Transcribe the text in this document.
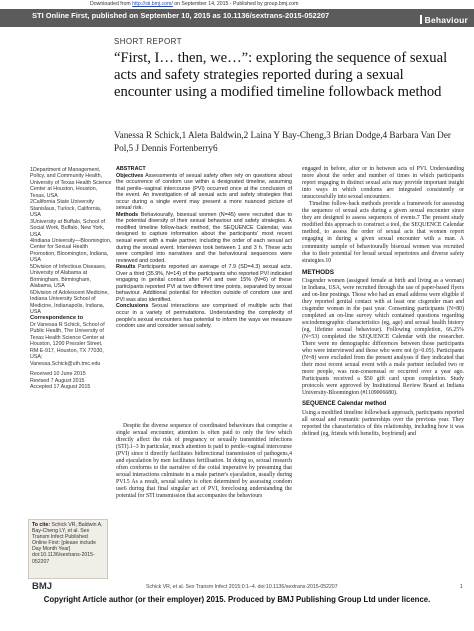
Downloaded from http://sti.bmj.com/ on September 14, 2015 - Published by group.bmj.com
STI Online First, published on September 10, 2015 as 10.1136/sextrans-2015-052207	Behaviour
SHORT REPORT
“First, I… then, we…”: exploring the sequence of sexual acts and safety strategies reported during a sexual encounter using a modified timeline followback method
Vanessa R Schick,1 Aleta Baldwin,2 Laina Y Bay-Cheng,3 Brian Dodge,4 Barbara Van Der Pol,5 J Dennis Fortenberry6

1Department of Management, Policy, and Community Health, University of Texas Health Science Center at Houston, Houston, Texas, USA

2California State University Stanislaus, Turlock, California, USA

3University at Buffalo, School of Social Work, Buffalo, New York, USA

4Indiana University—Bloomington, Center for Sexual Health Promotion, Bloomington, Indiana, USA

5Division of Infectious Diseases, University of Alabama at Birmingham, Birmingham, Alabama, USA

6Division of Adolescent Medicine, Indiana University School of Medicine, Indianapolis, Indiana, USA

Correspondence to

Dr Vanessa R Schick, School of Public Health, The University of Texas Health Science Center at Houston, 1200 Pressler Street, RM E-917, Houston, TX 77030, USA; Vanessa.Schick@uth.tmc.edu

Received 10 June 2015

Revised 7 August 2015

Accepted 17 August 2015

ABSTRACT

Objectives Assessments of sexual safety often rely on questions about the occurrence of condom use within a designated timeline, assuming that penile–vaginal intercourse (PVI) occurred once at the conclusion of the event. An investigation of all sexual acts and safety strategies that occur during a single event may present a more nuanced picture of sexual risk.

Methods Behaviourally, bisexual women (N=45) were recruited due to the potential diversity of their sexual behaviour and safety strategies. A modified timeline follow-back method, the SEQUENCE Calendar, was designed to capture information about the participants' most recent sexual event with a male partner, including the order of each sexual act during the sexual event. Interviews took between 1 and 3 h. These acts were compiled into narratives and the behavioural sequences were reviewed and coded.

Results Participants reported an average of 7.9 (SD=4.3) sexual acts. Over a third (35.9%, N=14) of the participants who reported PVI indicated engaging in genital contact after PVI and over 15% (N=6) of these participants reported PVI at two different time points, separated by sexual behaviour. Additional potential for infection outside of condom use and PVI was also identified.

Conclusions Sexual interactions are comprised of multiple acts that occur in a variety of permutations. Understanding the complexity of people's sexual encounters has potential to inform the ways we measure condom use and consider sexual safety.

Despite the diverse sequence of coordinated behaviours that comprise a single sexual encounter, attention is often paid to only the few which directly affect the risk of pregnancy or sexually transmitted infections (STI).1–3 In particular, much attention is paid to penile–vaginal intercourse (PVI) since it directly facilitates bidirectional transmission of pathogens,4 and ejaculation by men facilitates fertilisation. In doing so, sexual research often conforms to the narrative of the coital imperative by presuming that sexual interactions culminate in a male partner's ejaculation, usually during PVI.5 As a result, sexual safety is often determined by assessing condom use6 during that final singular act of PVI, foreclosing understanding the potential for STI transmission that accompanies the behaviours

engaged in before, after or in between acts of PVI. Understanding more about the order and number of times in which participants report engaging in distinct sexual acts may provide important insight into ways in which condoms are integrated consistently or unsuccessfully into sexual encounters.

Timeline follow-back methods provide a framework for assessing the sequence of sexual acts during a given sexual encounter since they are designed to assess sequences of events.7 The present study modified this approach to construct a tool, the SEQUENCE Calendar method, to assess the order of sexual acts that women report engaging in during a given sexual encounter with a man. A community sample of behaviourally bisexual women was recruited due to their potential for broad sexual repertoires and diverse safety strategies.10

METHODS

Cisgender women (assigned female at birth and living as a woman) in Indiana, USA, were recruited through the use of paper-based flyers and on-line postings. Those who had an email address were eligible if they reported genital contact with at least one cisgender man and cisgender woman in the past year. Consenting participants (N=80) completed an on-line survey which contained questions regarding sociodemographic characteristics (eg, age) and sexual health history (eg, lifetime sexual behaviour). Following completion, 66.25% (N=53) completed the SEQUENCE Calendar with the researcher. There were no demographic differences between those participants who were interviewed and those who were not (p>0.05). Participants (N=8) were excluded from the present analyses if they indicated that their most recent sexual event with a male partner included two or more people, was non-consensual or occurred over a year ago. Participants received a $50 gift card upon completion. Study protocols were approved by Institutional Review Board at Indiana University-Bloomington (#1109006680).

SEQUENCE Calendar method

Using a modified timeline followback approach, participants reported all sexual and romantic partnerships over the previous year. They reported the characteristics of this relationship, including how it was defined (eg, friends with benefits, boyfriend) and

To cite: Schick VR, Baldwin A, Bay-Cheng LY, et al. Sex Transm Infect Published Online First: [please include Day Month Year] doi:10.1136/sextrans-2015-052207
BMJ	Schick VR, et al. Sex Transm Infect 2015;0:1–4. doi:10.1136/sextrans-2015-052207	1
Copyright Article author (or their employer) 2015. Produced by BMJ Publishing Group Ltd under licence.
